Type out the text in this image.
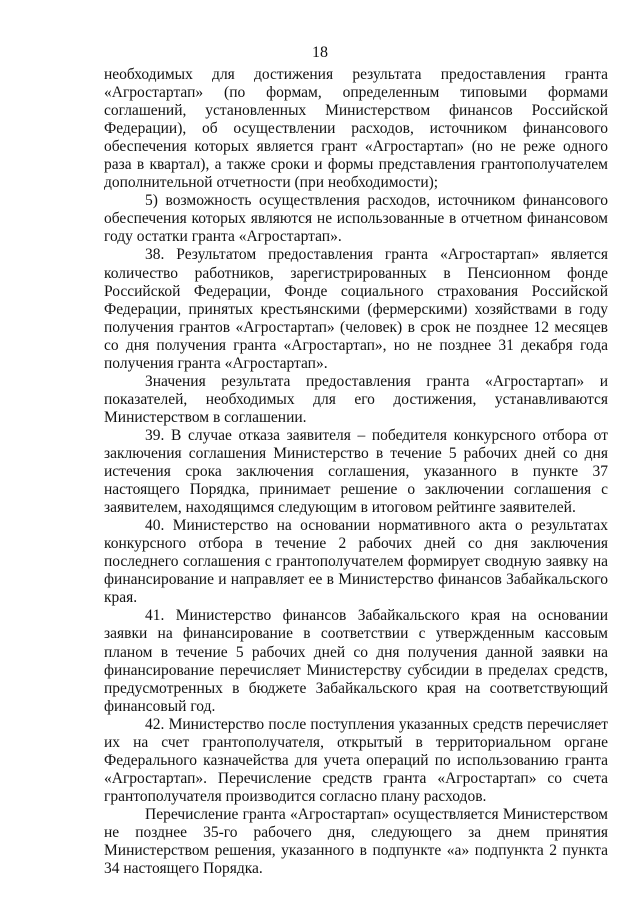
18

необходимых для достижения результата предоставления гранта «Агростартап» (по формам, определенным типовыми формами соглашений, установленных Министерством финансов Российской Федерации), об осуществлении расходов, источником финансового обеспечения которых является грант «Агростартап» (но не реже одного раза в квартал), а также сроки и формы представления грантополучателем дополнительной отчетности (при необходимости);

5) возможность осуществления расходов, источником финансового обеспечения которых являются не использованные в отчетном финансовом году остатки гранта «Агростартап».

38. Результатом предоставления гранта «Агростартап» является количество работников, зарегистрированных в Пенсионном фонде Российской Федерации, Фонде социального страхования Российской Федерации, принятых крестьянскими (фермерскими) хозяйствами в году получения грантов «Агростартап» (человек) в срок не позднее 12 месяцев со дня получения гранта «Агростартап», но не позднее 31 декабря года получения гранта «Агростартап».

Значения результата предоставления гранта «Агростартап» и показателей, необходимых для его достижения, устанавливаются Министерством в соглашении.

39. В случае отказа заявителя – победителя конкурсного отбора от заключения соглашения Министерство в течение 5 рабочих дней со дня истечения срока заключения соглашения, указанного в пункте 37 настоящего Порядка, принимает решение о заключении соглашения с заявителем, находящимся следующим в итоговом рейтинге заявителей.

40. Министерство на основании нормативного акта о результатах конкурсного отбора в течение 2 рабочих дней со дня заключения последнего соглашения с грантополучателем формирует сводную заявку на финансирование и направляет ее в Министерство финансов Забайкальского края.

41. Министерство финансов Забайкальского края на основании заявки на финансирование в соответствии с утвержденным кассовым планом в течение 5 рабочих дней со дня получения данной заявки на финансирование перечисляет Министерству субсидии в пределах средств, предусмотренных в бюджете Забайкальского края на соответствующий финансовый год.

42. Министерство после поступления указанных средств перечисляет их на счет грантополучателя, открытый в территориальном органе Федерального казначейства для учета операций по использованию гранта «Агростартап». Перечисление средств гранта «Агростартап» со счета грантополучателя производится согласно плану расходов.

Перечисление гранта «Агростартап» осуществляется Министерством не позднее 35-го рабочего дня, следующего за днем принятия Министерством решения, указанного в подпункте «а» подпункта 2 пункта 34 настоящего Порядка.
